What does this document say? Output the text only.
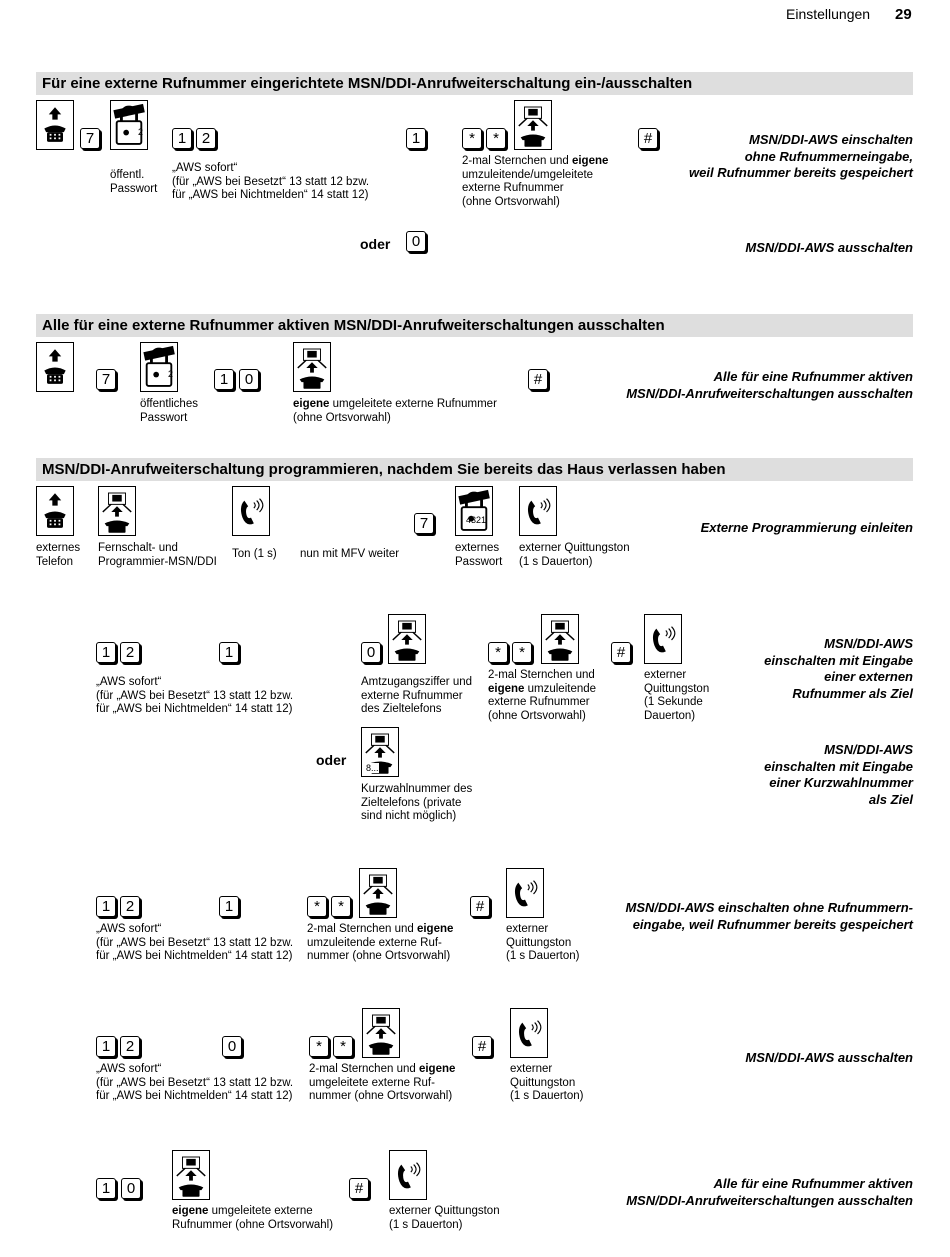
Einstellungen 29
Für eine externe Rufnummer eingerichtete MSN/DDI-Anrufweiterschaltung ein-/ausschalten
7	2	1	2	1	*	*	#
öffentl.
Passwort
„AWS sofort“
(für „AWS bei Besetzt“ 13 statt 12 bzw.
für „AWS bei Nichtmelden“ 14 statt 12)
2-mal Sternchen und eigene
umzuleitende/umgeleitete
externe Rufnummer
(ohne Ortsvorwahl)
MSN/DDI-AWS einschalten
ohne Rufnummerneingabe,
weil Rufnummer bereits gespeichert
oder	0	MSN/DDI-AWS ausschalten
Alle für eine externe Rufnummer aktiven MSN/DDI-Anrufweiterschaltungen ausschalten
7	2	1	0	#
öffentliches
Passwort
eigene umgeleitete externe Rufnummer
(ohne Ortsvorwahl)
Alle für eine Rufnummer aktiven
MSN/DDI-Anrufweiterschaltungen ausschalten
MSN/DDI-Anrufweiterschaltung programmieren, nachdem Sie bereits das Haus verlassen haben
7	4321
externes
Telefon
Fernschalt- und
Programmier-MSN/DDI
Ton (1 s) nun mit MFV weiter	externes
Passwort
externer Quittungston
(1 s Dauerton)
Externe Programmierung einleiten
1	2	1	0	*	*	#
„AWS sofort“
(für „AWS bei Besetzt“ 13 statt 12 bzw.
für „AWS bei Nichtmelden“ 14 statt 12)
Amtzugangsziffer und
externe Rufnummer
des Zieltelefons
2-mal Sternchen und
eigene umzuleitende
externe Rufnummer
(ohne Ortsvorwahl)
externer
Quittungston
(1 Sekunde
Dauerton)
MSN/DDI-AWS
einschalten mit Eingabe
einer externen
Rufnummer als Ziel
oder 8...
Kurzwahlnummer des
Zieltelefons (private
sind nicht möglich)
MSN/DDI-AWS
einschalten mit Eingabe
einer Kurzwahlnummer
als Ziel
1	2	1	*	*	#
„AWS sofort“
(für „AWS bei Besetzt“ 13 statt 12 bzw.
für „AWS bei Nichtmelden“ 14 statt 12)
2-mal Sternchen und eigene
umzuleitende externe Ruf-
nummer (ohne Ortsvorwahl)
externer
Quittungston
(1 s Dauerton)
MSN/DDI-AWS einschalten ohne Rufnummern-
eingabe, weil Rufnummer bereits gespeichert
1	2	0	*	*	#
„AWS sofort“
(für „AWS bei Besetzt“ 13 statt 12 bzw.
für „AWS bei Nichtmelden“ 14 statt 12)
2-mal Sternchen und eigene
umgeleitete externe Ruf-
nummer (ohne Ortsvorwahl)
externer
Quittungston
(1 s Dauerton)
MSN/DDI-AWS ausschalten
1	0	#
eigene umgeleitete externe
Rufnummer (ohne Ortsvorwahl)
externer Quittungston
(1 s Dauerton)
Alle für eine Rufnummer aktiven
MSN/DDI-Anrufweiterschaltungen ausschalten
